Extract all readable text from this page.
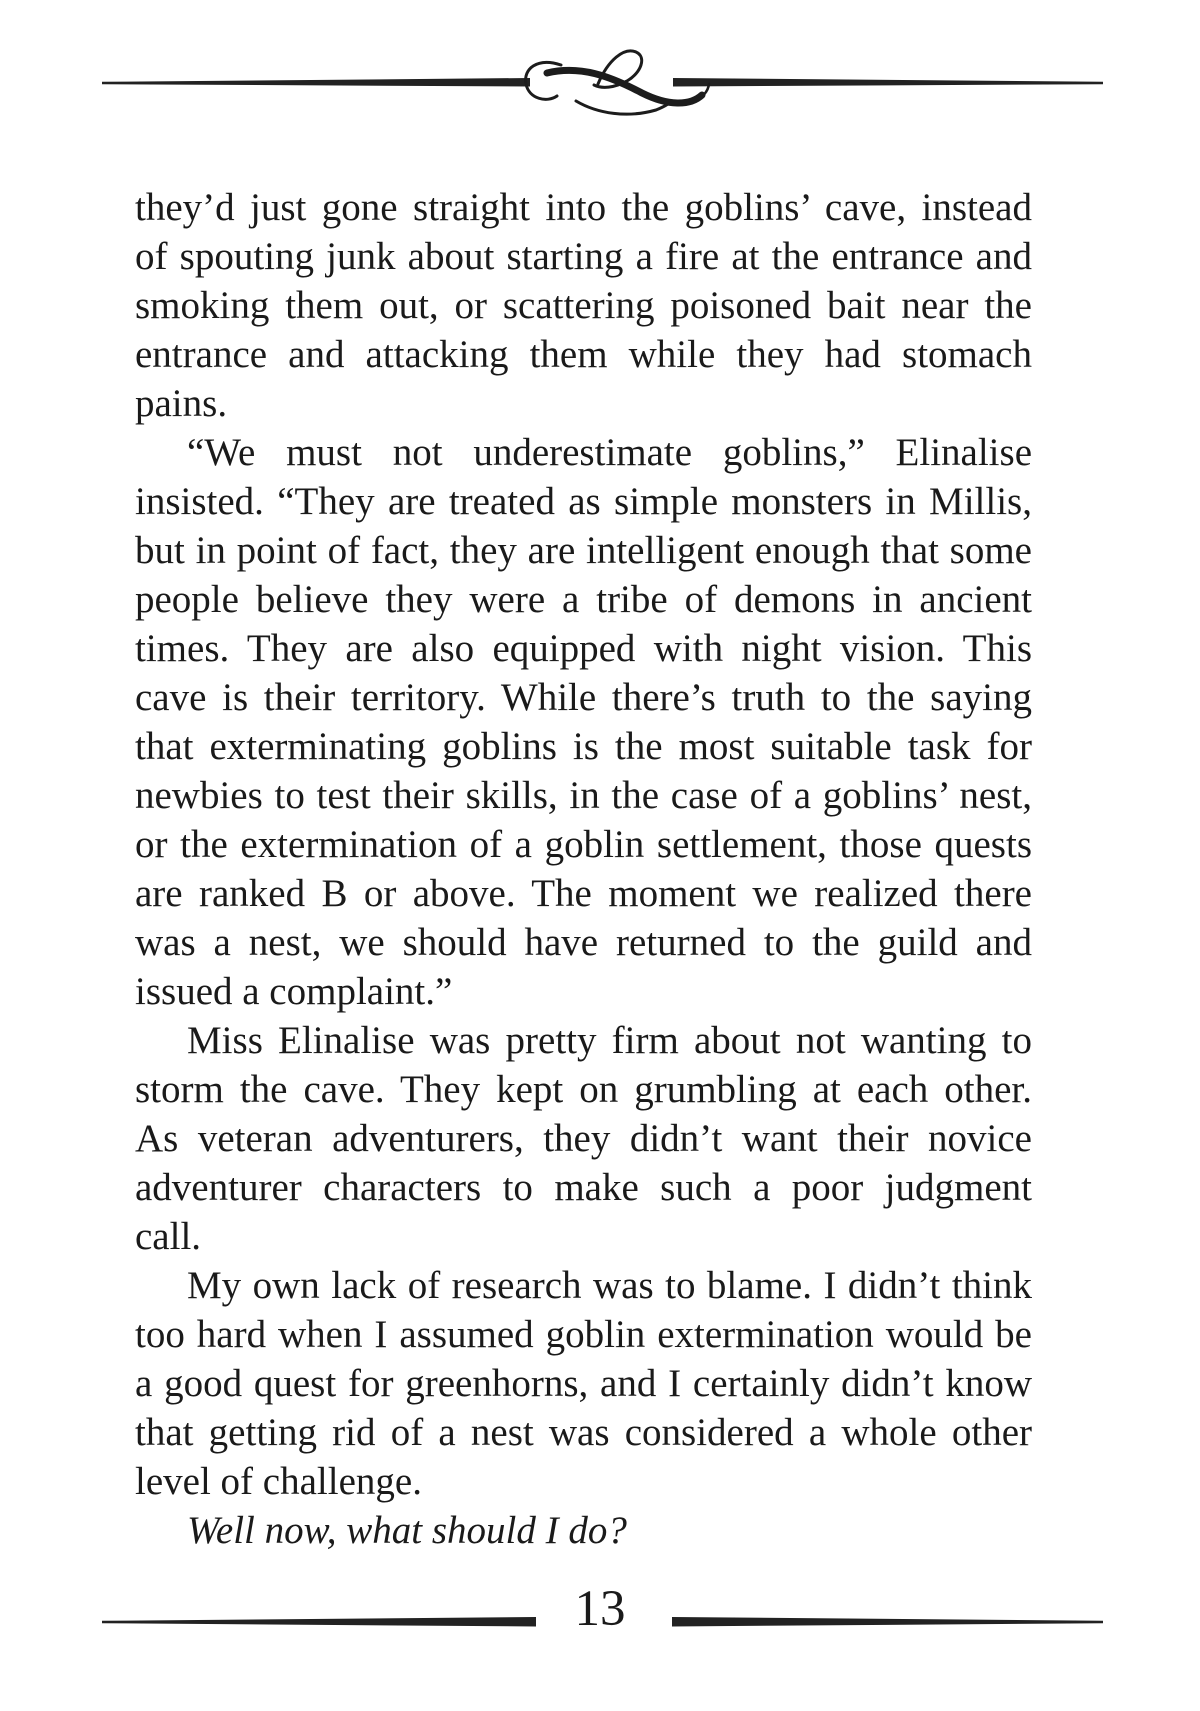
they’d just gone straight into the goblins’ cave, instead
of spouting junk about starting a fire at the entrance and
smoking them out, or scattering poisoned bait near the
entrance and attacking them while they had stomach
pains.
“We must not underestimate goblins,” Elinalise
insisted. “They are treated as simple monsters in Millis,
but in point of fact, they are intelligent enough that some
people believe they were a tribe of demons in ancient
times. They are also equipped with night vision. This
cave is their territory. While there’s truth to the saying
that exterminating goblins is the most suitable task for
newbies to test their skills, in the case of a goblins’ nest,
or the extermination of a goblin settlement, those quests
are ranked B or above. The moment we realized there
was a nest, we should have returned to the guild and
issued a complaint.”
Miss Elinalise was pretty firm about not wanting to
storm the cave. They kept on grumbling at each other.
As veteran adventurers, they didn’t want their novice
adventurer characters to make such a poor judgment
call.
My own lack of research was to blame. I didn’t think
too hard when I assumed goblin extermination would be
a good quest for greenhorns, and I certainly didn’t know
that getting rid of a nest was considered a whole other
level of challenge.
Well now, what should I do?
13
